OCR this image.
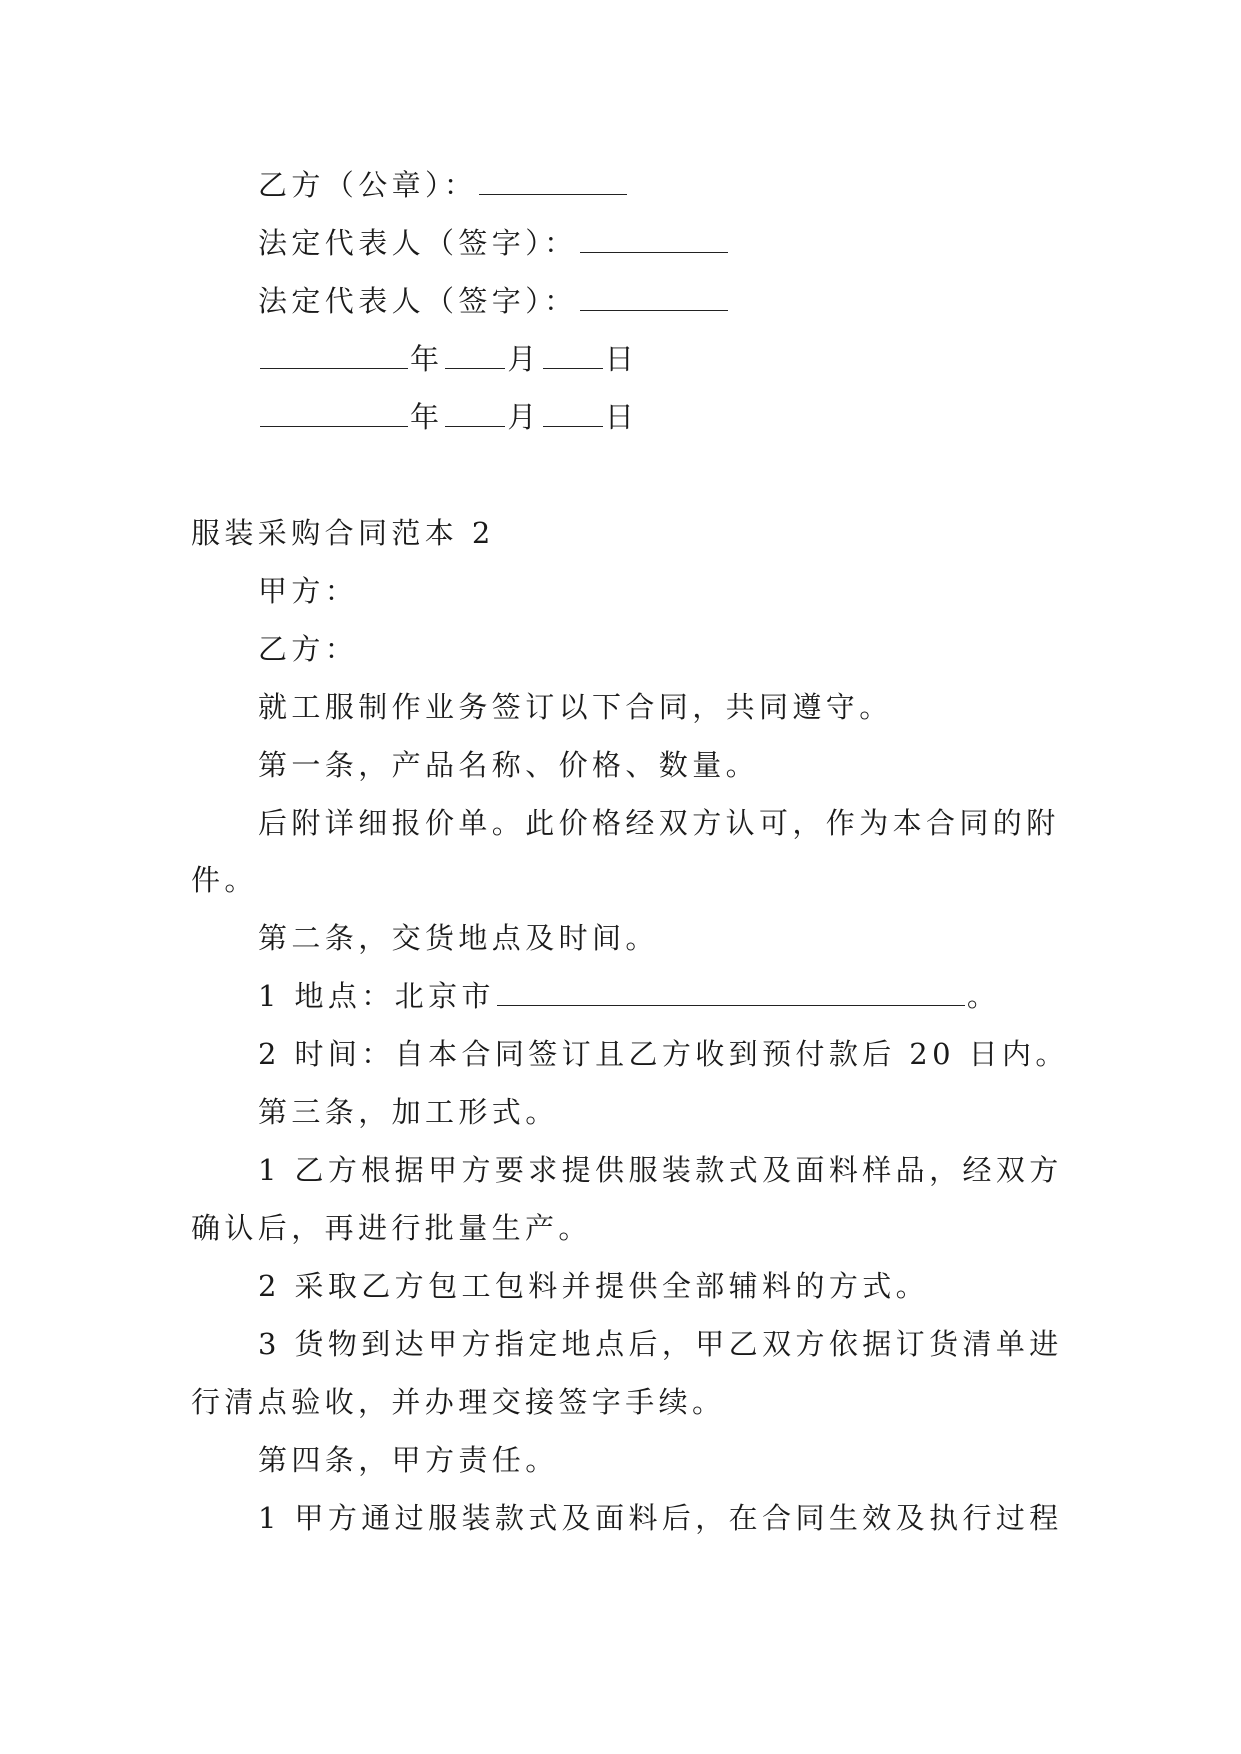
乙方（公章）：
法定代表人（签字）：
法定代表人（签字）：
年 月 日
年 月 日
服装采购合同范本 2
甲方：
乙方：
就工服制作业务签订以下合同，共同遵守。
第一条，产品名称、价格、数量。
后附详细报价单。此价格经双方认可，作为本合同的附
件。
第二条，交货地点及时间。
1 地点：北京市	。
2 时间：自本合同签订且乙方收到预付款后 20 日内。
第三条，加工形式。
1 乙方根据甲方要求提供服装款式及面料样品，经双方
确认后，再进行批量生产。
2 采取乙方包工包料并提供全部辅料的方式。
3 货物到达甲方指定地点后，甲乙双方依据订货清单进
行清点验收，并办理交接签字手续。
第四条，甲方责任。
1 甲方通过服装款式及面料后，在合同生效及执行过程
